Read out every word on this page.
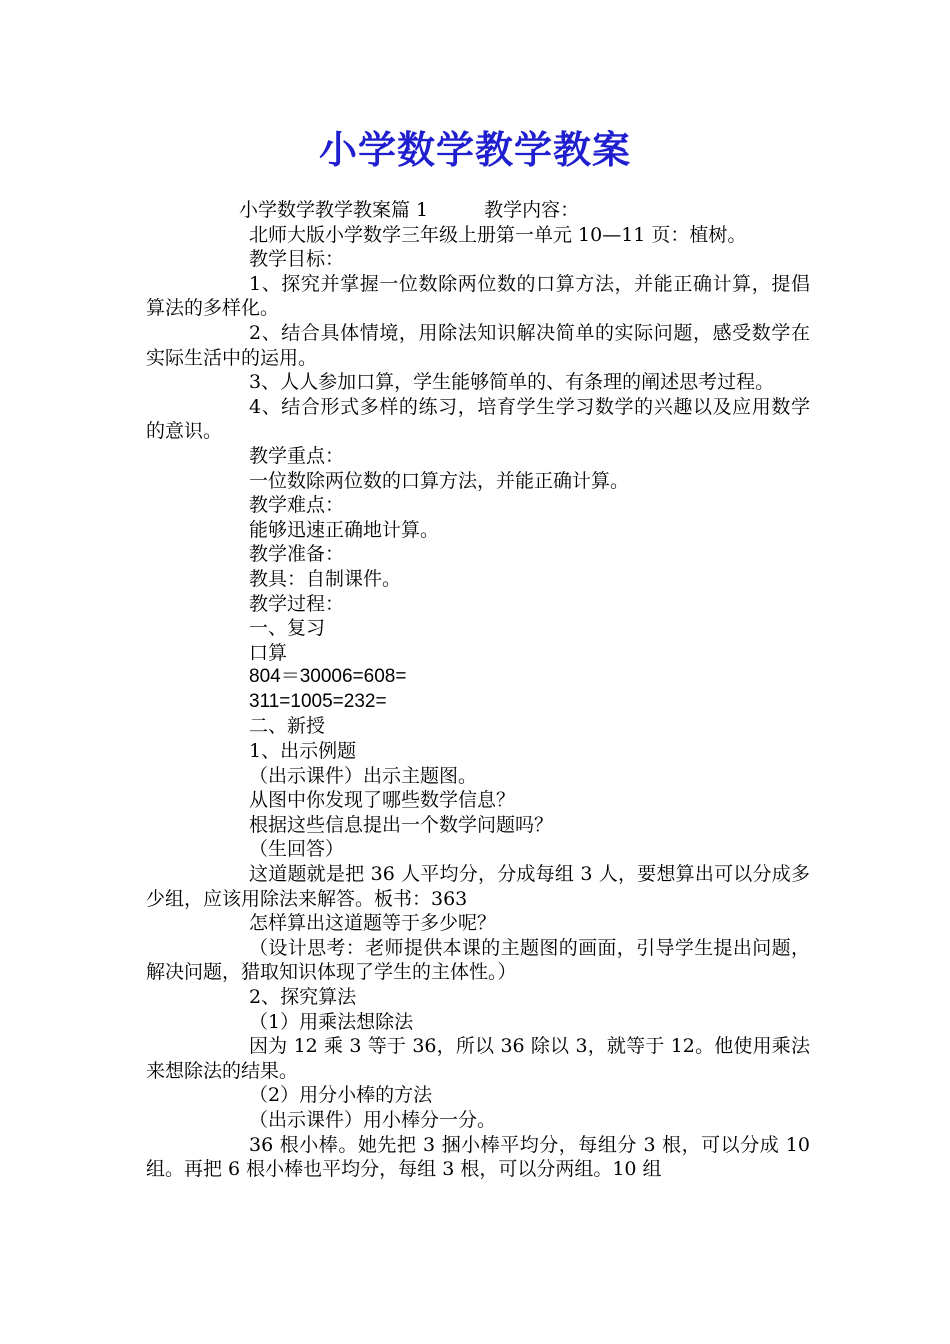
小学数学教学教案
小学数学教学教案篇 1	教学内容：
北师大版小学数学三年级上册第一单元 10—11 页：植树。
教学目标：
1、探究并掌握一位数除两位数的口算方法，并能正确计算，提倡算法的多样化。
2、结合具体情境，用除法知识解决简单的实际问题，感受数学在实际生活中的运用。
3、人人参加口算，学生能够简单的、有条理的阐述思考过程。
4、结合形式多样的练习，培育学生学习数学的兴趣以及应用数学的意识。
教学重点：
一位数除两位数的口算方法，并能正确计算。
教学难点：
能够迅速正确地计算。
教学准备：
教具：自制课件。
教学过程：
一、复习
口算
804＝30006=608=
311=1005=232=
二、新授
1、出示例题
（出示课件）出示主题图。
从图中你发现了哪些数学信息？
根据这些信息提出一个数学问题吗？
（生回答）
这道题就是把 36 人平均分，分成每组 3 人，要想算出可以分成多少组，应该用除法来解答。板书：363
怎样算出这道题等于多少呢？
（设计思考：老师提供本课的主题图的画面，引导学生提出问题，解决问题，猎取知识体现了学生的主体性。）
2、探究算法
（1）用乘法想除法
因为 12 乘 3 等于 36，所以 36 除以 3，就等于 12。他使用乘法来想除法的结果。
（2）用分小棒的方法
（出示课件）用小棒分一分。
36 根小棒。她先把 3 捆小棒平均分，每组分 3 根，可以分成 10 组。再把 6 根小棒也平均分，每组 3 根，可以分两组。10 组
